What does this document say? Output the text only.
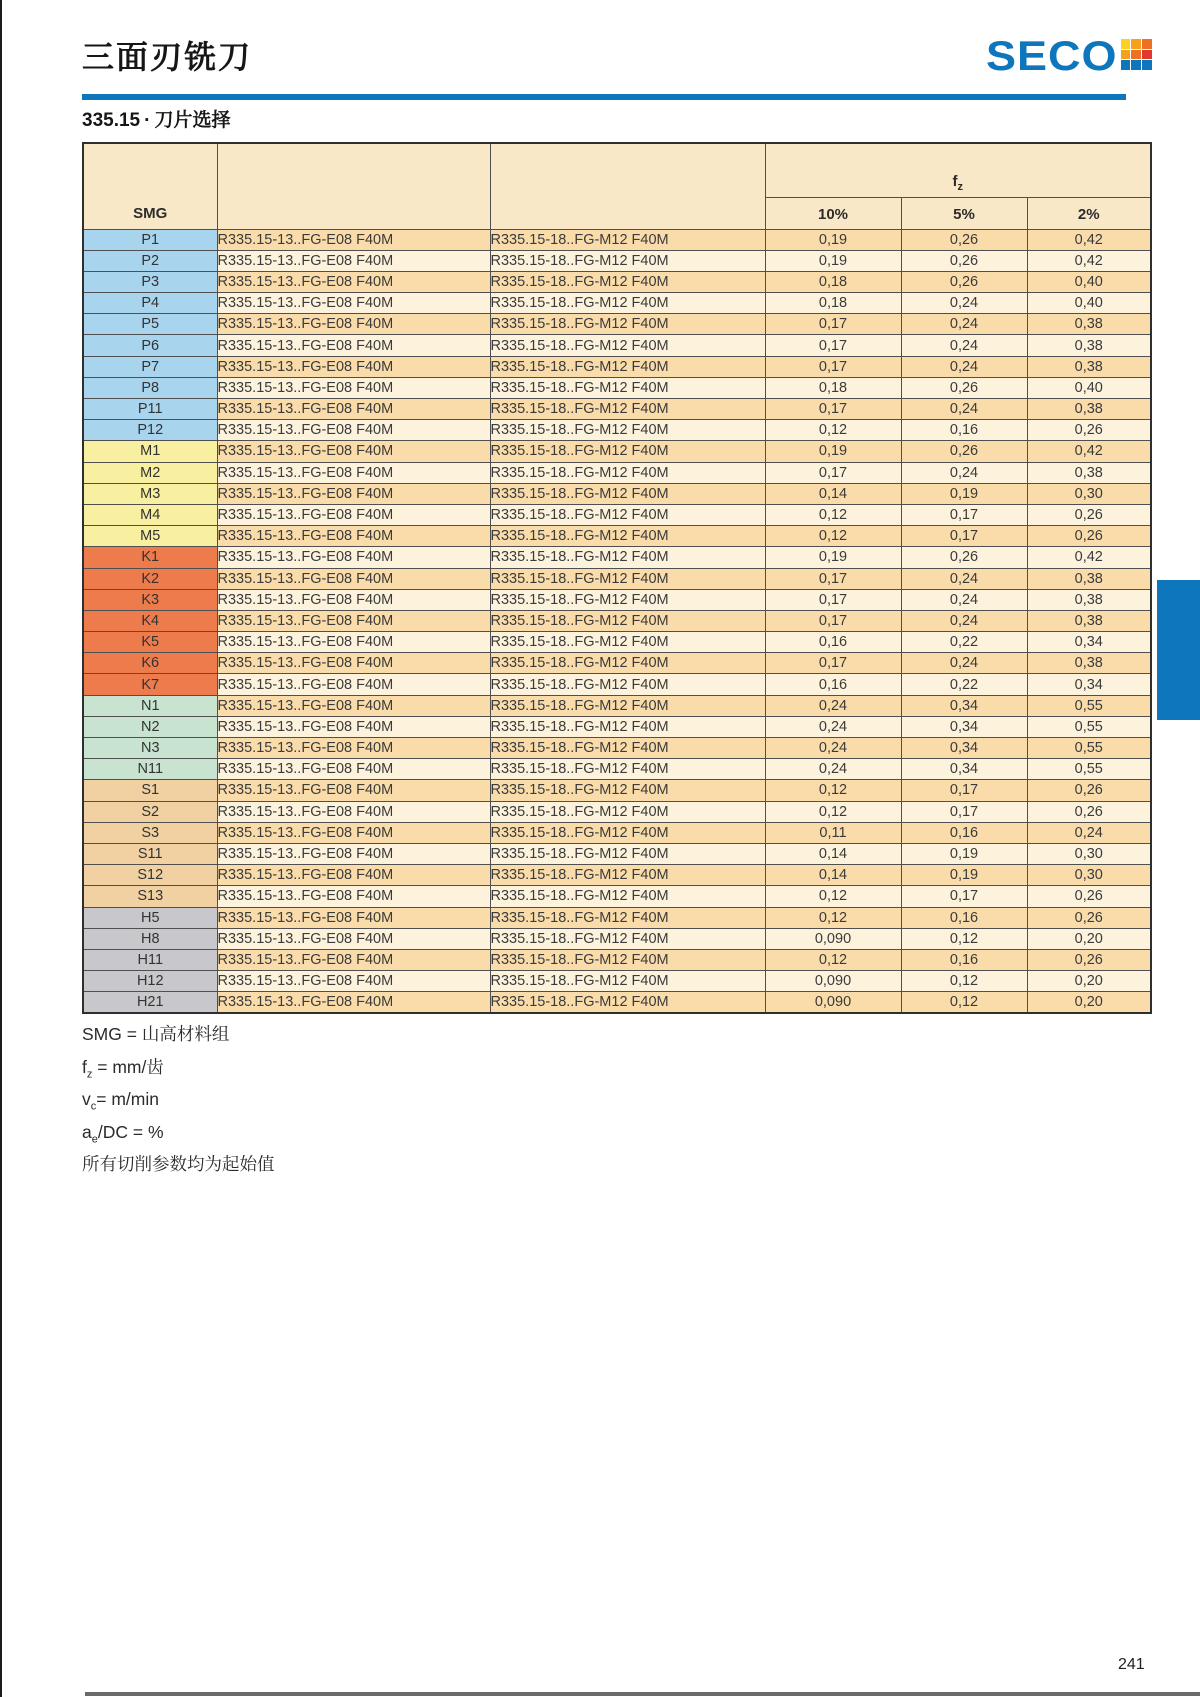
三面刃铣刀	SECO
335.15 · 刀片选择
SMG			$f_z$
			10%	5%	2%
P1	R335.15-13..FG-E08 F40M	R335.15-18..FG-M12 F40M	0,19	0,26	0,42
P2	R335.15-13..FG-E08 F40M	R335.15-18..FG-M12 F40M	0,19	0,26	0,42
P3	R335.15-13..FG-E08 F40M	R335.15-18..FG-M12 F40M	0,18	0,26	0,40
P4	R335.15-13..FG-E08 F40M	R335.15-18..FG-M12 F40M	0,18	0,24	0,40
P5	R335.15-13..FG-E08 F40M	R335.15-18..FG-M12 F40M	0,17	0,24	0,38
P6	R335.15-13..FG-E08 F40M	R335.15-18..FG-M12 F40M	0,17	0,24	0,38
P7	R335.15-13..FG-E08 F40M	R335.15-18..FG-M12 F40M	0,17	0,24	0,38
P8	R335.15-13..FG-E08 F40M	R335.15-18..FG-M12 F40M	0,18	0,26	0,40
P11	R335.15-13..FG-E08 F40M	R335.15-18..FG-M12 F40M	0,17	0,24	0,38
P12	R335.15-13..FG-E08 F40M	R335.15-18..FG-M12 F40M	0,12	0,16	0,26
M1	R335.15-13..FG-E08 F40M	R335.15-18..FG-M12 F40M	0,19	0,26	0,42
M2	R335.15-13..FG-E08 F40M	R335.15-18..FG-M12 F40M	0,17	0,24	0,38
M3	R335.15-13..FG-E08 F40M	R335.15-18..FG-M12 F40M	0,14	0,19	0,30
M4	R335.15-13..FG-E08 F40M	R335.15-18..FG-M12 F40M	0,12	0,17	0,26
M5	R335.15-13..FG-E08 F40M	R335.15-18..FG-M12 F40M	0,12	0,17	0,26
K1	R335.15-13..FG-E08 F40M	R335.15-18..FG-M12 F40M	0,19	0,26	0,42
K2	R335.15-13..FG-E08 F40M	R335.15-18..FG-M12 F40M	0,17	0,24	0,38
K3	R335.15-13..FG-E08 F40M	R335.15-18..FG-M12 F40M	0,17	0,24	0,38
K4	R335.15-13..FG-E08 F40M	R335.15-18..FG-M12 F40M	0,17	0,24	0,38
K5	R335.15-13..FG-E08 F40M	R335.15-18..FG-M12 F40M	0,16	0,22	0,34
K6	R335.15-13..FG-E08 F40M	R335.15-18..FG-M12 F40M	0,17	0,24	0,38
K7	R335.15-13..FG-E08 F40M	R335.15-18..FG-M12 F40M	0,16	0,22	0,34
N1	R335.15-13..FG-E08 F40M	R335.15-18..FG-M12 F40M	0,24	0,34	0,55
N2	R335.15-13..FG-E08 F40M	R335.15-18..FG-M12 F40M	0,24	0,34	0,55
N3	R335.15-13..FG-E08 F40M	R335.15-18..FG-M12 F40M	0,24	0,34	0,55
N11	R335.15-13..FG-E08 F40M	R335.15-18..FG-M12 F40M	0,24	0,34	0,55
S1	R335.15-13..FG-E08 F40M	R335.15-18..FG-M12 F40M	0,12	0,17	0,26
S2	R335.15-13..FG-E08 F40M	R335.15-18..FG-M12 F40M	0,12	0,17	0,26
S3	R335.15-13..FG-E08 F40M	R335.15-18..FG-M12 F40M	0,11	0,16	0,24
S11	R335.15-13..FG-E08 F40M	R335.15-18..FG-M12 F40M	0,14	0,19	0,30
S12	R335.15-13..FG-E08 F40M	R335.15-18..FG-M12 F40M	0,14	0,19	0,30
S13	R335.15-13..FG-E08 F40M	R335.15-18..FG-M12 F40M	0,12	0,17	0,26
H5	R335.15-13..FG-E08 F40M	R335.15-18..FG-M12 F40M	0,12	0,16	0,26
H8	R335.15-13..FG-E08 F40M	R335.15-18..FG-M12 F40M	0,090	0,12	0,20
H11	R335.15-13..FG-E08 F40M	R335.15-18..FG-M12 F40M	0,12	0,16	0,26
H12	R335.15-13..FG-E08 F40M	R335.15-18..FG-M12 F40M	0,090	0,12	0,20
H21	R335.15-13..FG-E08 F40M	R335.15-18..FG-M12 F40M	0,090	0,12	0,20
SMG = 山高材料组
$f_z = mm/$齿
$v_c= m/\min$
$a_e/DC$ = %
所有切削参数均为起始值
241
